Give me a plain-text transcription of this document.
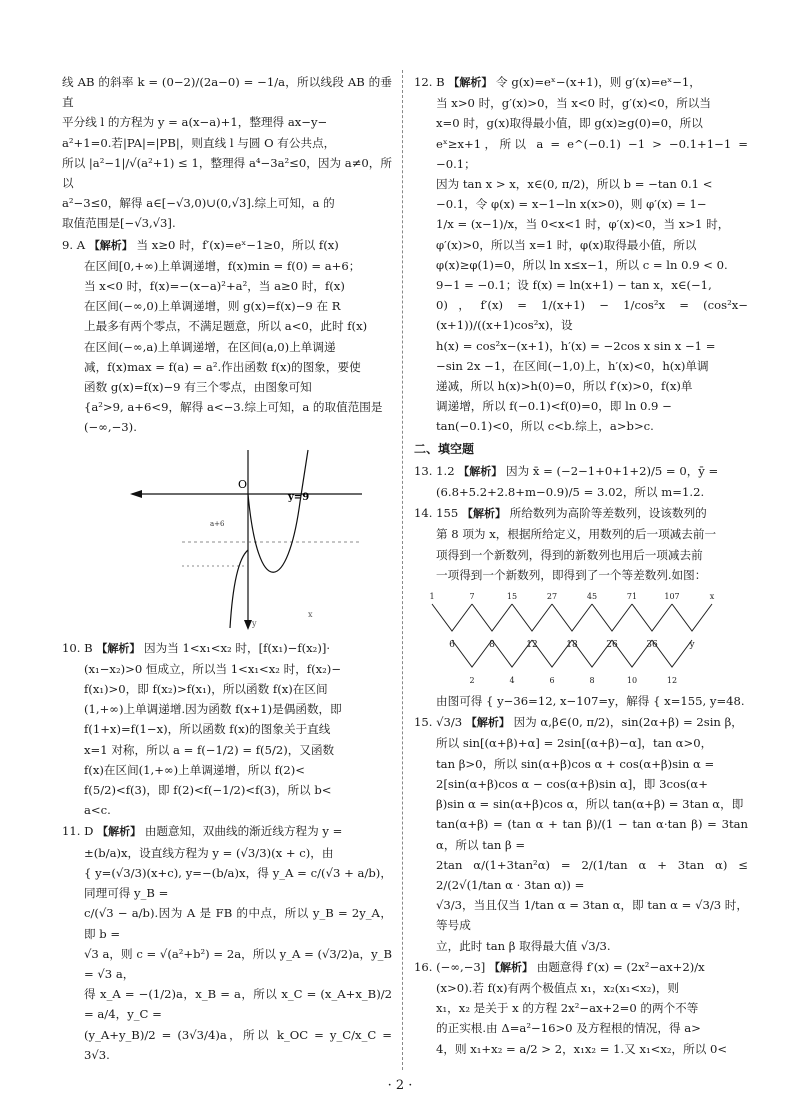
线 AB 的斜率 k = (0−2)/(2a−0) = −1/a，所以线段 AB 的垂直

平分线 l 的方程为 y = a(x−a)+1，整理得 ax−y−

a²+1=0.若|PA|=|PB|，则直线 l 与圆 O 有公共点，

所以 |a²−1|/√(a²+1) ≤ 1，整理得 a⁴−3a²≤0，因为 a≠0，所以

a²−3≤0，解得 a∈[−√3,0)∪(0,√3].综上可知，a 的

取值范围是[−√3,√3].

9. A 【解析】 当 x≥0 时，f′(x)=eˣ−1≥0，所以 f(x)

在区间[0,+∞)上单调递增，f(x)min = f(0) = a+6；

当 x<0 时，f(x)=−(x−a)²+a²，当 a≥0 时，f(x)

在区间(−∞,0)上单调递增，则 g(x)=f(x)−9 在 R

上最多有两个零点，不满足题意，所以 a<0，此时 f(x)

在区间(−∞,a)上单调递增，在区间(a,0)上单调递

减，f(x)max = f(a) = a².作出函数 f(x)的图象，要使

函数 g(x)=f(x)−9 有三个零点，由图象可知

{a²>9, a+6<9，解得 a<−3.综上可知，a 的取值范围是

(−∞,−3).

O
x
y
y=9
a+6

10. B 【解析】 因为当 1<x₁<x₂ 时，[f(x₁)−f(x₂)]·

(x₁−x₂)>0 恒成立，所以当 1<x₁<x₂ 时，f(x₂)−

f(x₁)>0，即 f(x₂)>f(x₁)，所以函数 f(x)在区间

(1,+∞)上单调递增.因为函数 f(x+1)是偶函数，即

f(1+x)=f(1−x)，所以函数 f(x)的图象关于直线

x=1 对称，所以 a = f(−1/2) = f(5/2)，又函数

f(x)在区间(1,+∞)上单调递增，所以 f(2)<

f(5/2)<f(3)，即 f(2)<f(−1/2)<f(3)，所以 b<

a<c.

11. D 【解析】 由题意知，双曲线的渐近线方程为 y =

±(b/a)x，设直线方程为 y = (√3/3)(x + c)，由

{ y=(√3/3)(x+c), y=−(b/a)x，得 y_A = c/(√3 + a/b)，同理可得 y_B =

c/(√3 − a/b).因为 A 是 FB 的中点，所以 y_B = 2y_A，即 b =

√3 a，则 c = √(a²+b²) = 2a，所以 y_A = (√3/2)a，y_B = √3 a，

得 x_A = −(1/2)a，x_B = a，所以 x_C = (x_A+x_B)/2 = a/4，y_C =

(y_A+y_B)/2 = (3√3/4)a，所以 k_OC = y_C/x_C = 3√3.

12. B 【解析】 令 g(x)=eˣ−(x+1)，则 g′(x)=eˣ−1，

当 x>0 时，g′(x)>0，当 x<0 时，g′(x)<0，所以当

x=0 时，g(x)取得最小值，即 g(x)≥g(0)=0，所以

eˣ≥x+1，所以 a = e^(−0.1) −1 > −0.1+1−1 = −0.1；

因为 tan x > x，x∈(0, π/2)，所以 b = −tan 0.1 <

−0.1，令 φ(x) = x−1−ln x(x>0)，则 φ′(x) = 1−

1/x = (x−1)/x，当 0<x<1 时，φ′(x)<0，当 x>1 时，

φ′(x)>0，所以当 x=1 时，φ(x)取得最小值，所以

φ(x)≥φ(1)=0，所以 ln x≤x−1，所以 c = ln 0.9 < 0.

9−1 = −0.1；设 f(x) = ln(x+1) − tan x，x∈(−1,

0)，f′(x) = 1/(x+1) − 1/cos²x = (cos²x−(x+1))/((x+1)cos²x)，设

h(x) = cos²x−(x+1)，h′(x) = −2cos x sin x −1 =

−sin 2x −1，在区间(−1,0)上，h′(x)<0，h(x)单调

递减，所以 h(x)>h(0)=0，所以 f′(x)>0，f(x)单

调递增，所以 f(−0.1)<f(0)=0，即 ln 0.9 −

tan(−0.1)<0，所以 c<b.综上，a>b>c.

二、填空题

13. 1.2 【解析】 因为 x̄ = (−2−1+0+1+2)/5 = 0，ȳ =

(6.8+5.2+2.8+m−0.9)/5 = 3.02，所以 m=1.2.

14. 155 【解析】 所给数列为高阶等差数列，设该数列的

第 8 项为 x，根据所给定义，用数列的后一项减去前一

项得到一个新数列，得到的新数列也用后一项减去前

一项得到一个新数列，即得到了一个等差数列.如图：

1	7	15	27	45	71	107	x
6	8	12	18	26	36	y
2	4	6	8	10	12

由图可得 { y−36=12, x−107=y，解得 { x=155, y=48.

15. √3/3 【解析】 因为 α,β∈(0, π/2)，sin(2α+β) = 2sin β，

所以 sin[(α+β)+α] = 2sin[(α+β)−α]，tan α>0，

tan β>0，所以 sin(α+β)cos α + cos(α+β)sin α =

2[sin(α+β)cos α − cos(α+β)sin α]，即 3cos(α+

β)sin α = sin(α+β)cos α，所以 tan(α+β) = 3tan α，即

tan(α+β) = (tan α + tan β)/(1 − tan α·tan β) = 3tan α，所以 tan β =

2tan α/(1+3tan²α) = 2/(1/tan α + 3tan α) ≤ 2/(2√(1/tan α · 3tan α)) =

√3/3，当且仅当 1/tan α = 3tan α，即 tan α = √3/3 时，等号成

立，此时 tan β 取得最大值 √3/3.

16. (−∞,−3] 【解析】 由题意得 f′(x) = (2x²−ax+2)/x

(x>0).若 f(x)有两个极值点 x₁，x₂(x₁<x₂)，则

x₁，x₂ 是关于 x 的方程 2x²−ax+2=0 的两个不等

的正实根.由 Δ=a²−16>0 及方程根的情况，得 a>

4，则 x₁+x₂ = a/2 > 2，x₁x₂ = 1.又 x₁<x₂，所以 0<

· 2 ·
